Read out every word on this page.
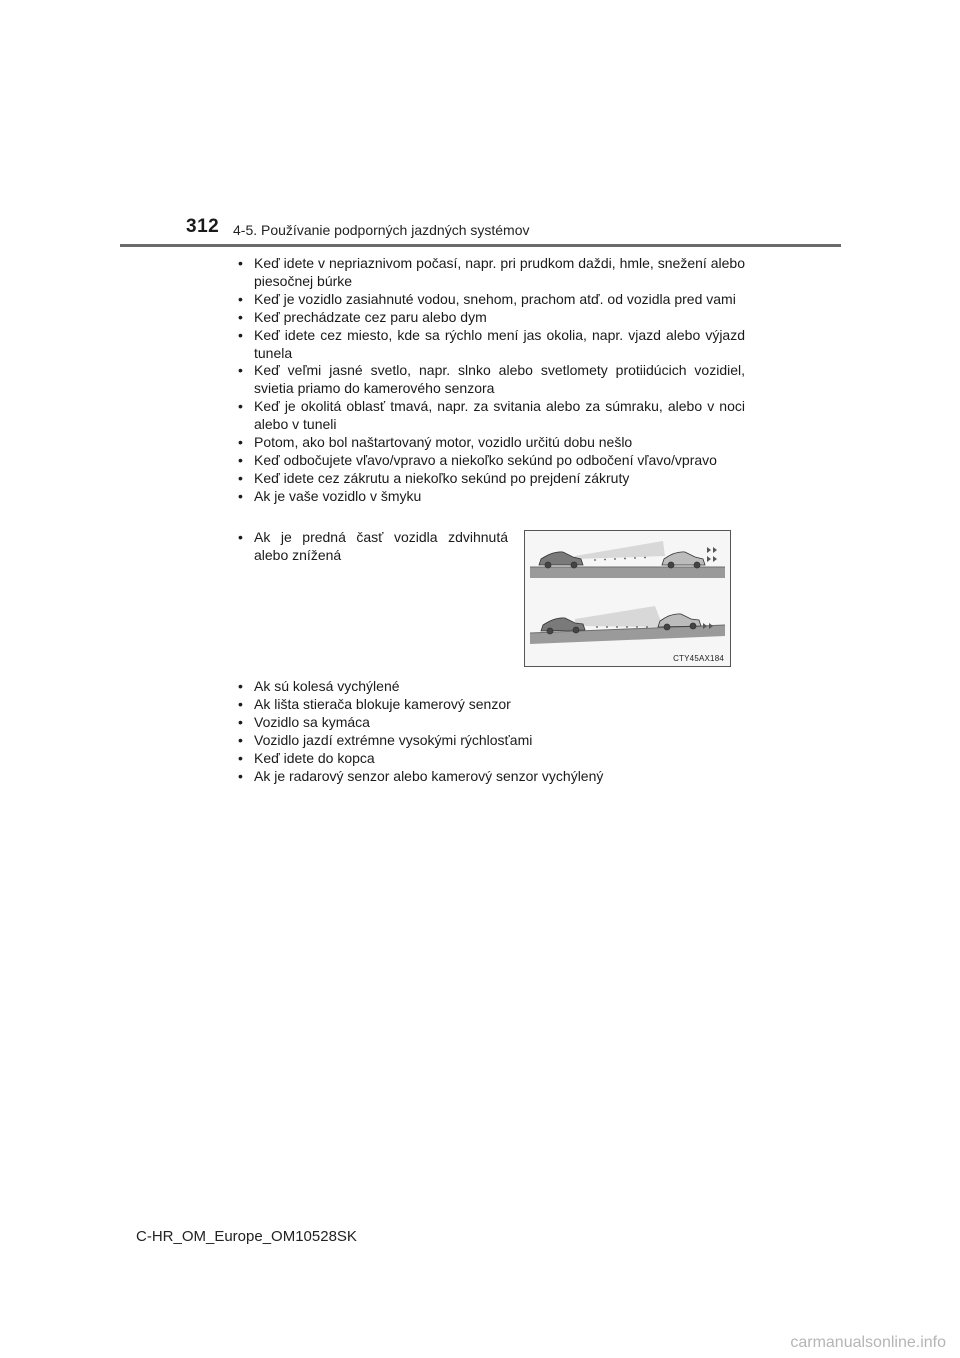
312 4-5. Používanie podporných jazdných systémov
• Keď idete v nepriaznivom počasí, napr. pri prudkom daždi, hmle, snežení alebo piesočnej búrke
• Keď je vozidlo zasiahnuté vodou, snehom, prachom atď. od vozidla pred vami
• Keď prechádzate cez paru alebo dym
• Keď idete cez miesto, kde sa rýchlo mení jas okolia, napr. vjazd alebo výjazd tunela
• Keď veľmi jasné svetlo, napr. slnko alebo svetlomety protiidúcich vozidiel, svietia priamo do kamerového senzora
• Keď je okolitá oblasť tmavá, napr. za svitania alebo za súmraku, alebo v noci alebo v tuneli
• Potom, ako bol naštartovaný motor, vozidlo určitú dobu nešlo
• Keď odbočujete vľavo/vpravo a niekoľko sekúnd po odbočení vľavo/vpravo
• Keď idete cez zákrutu a niekoľko sekúnd po prejdení zákruty
• Ak je vaše vozidlo v šmyku
• Ak je predná časť vozidla zdvihnutá alebo znížená
CTY45AX184
• Ak sú kolesá vychýlené
• Ak lišta stierača blokuje kamerový senzor
• Vozidlo sa kymáca
• Vozidlo jazdí extrémne vysokými rýchlosťami
• Keď idete do kopca
• Ak je radarový senzor alebo kamerový senzor vychýlený
C-HR_OM_Europe_OM10528SK
carmanualsonline.info
